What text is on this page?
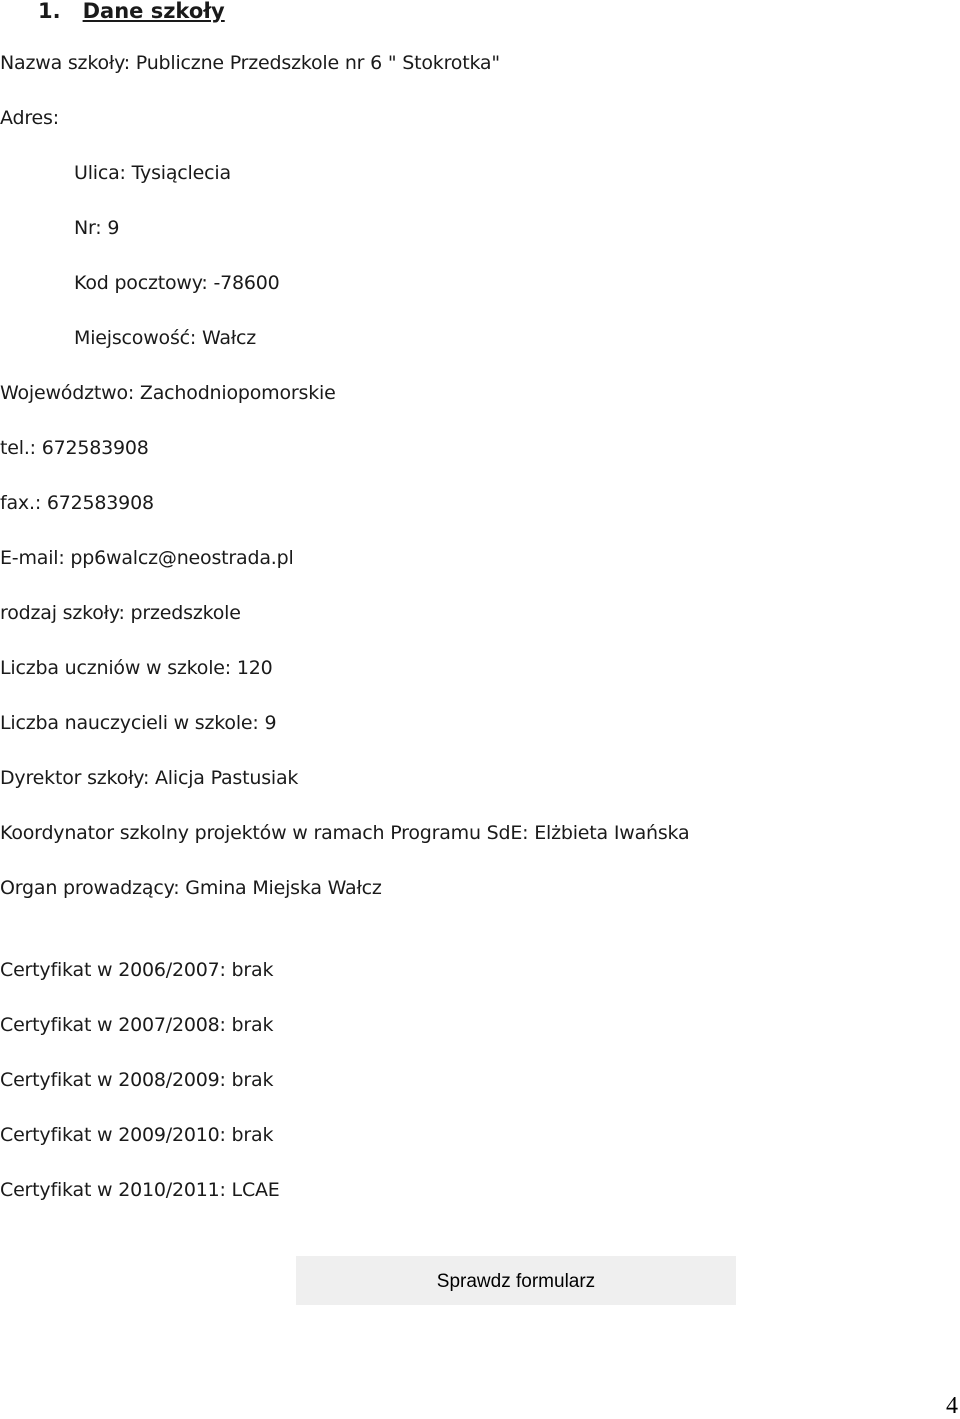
1. Dane szkoły
Nazwa szkoły: Publiczne Przedszkole nr 6 " Stokrotka"
Adres:
Ulica: Tysiąclecia
Nr: 9
Kod pocztowy: -78600
Miejscowość: Wałcz
Województwo: Zachodniopomorskie
tel.: 672583908
fax.: 672583908
E-mail: pp6walcz@neostrada.pl
rodzaj szkoły: przedszkole
Liczba uczniów w szkole: 120
Liczba nauczycieli w szkole: 9
Dyrektor szkoły: Alicja Pastusiak
Koordynator szkolny projektów w ramach Programu SdE: Elżbieta Iwańska
Organ prowadzący: Gmina Miejska Wałcz
Certyfikat w 2006/2007: brak
Certyfikat w 2007/2008: brak
Certyfikat w 2008/2009: brak
Certyfikat w 2009/2010: brak
Certyfikat w 2010/2011: LCAE
Sprawdz formularz
4
